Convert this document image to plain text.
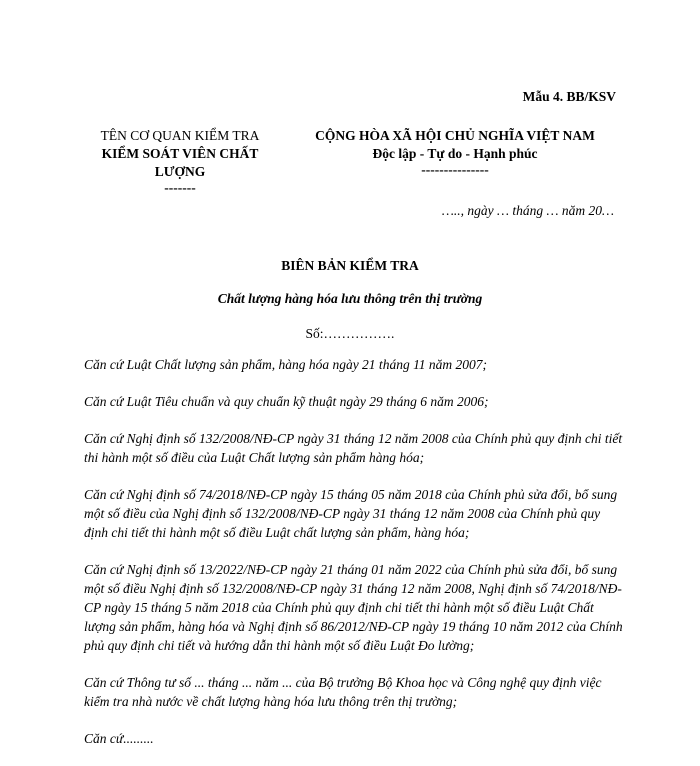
Mẫu 4. BB/KSV
TÊN CƠ QUAN KIỂM TRA
KIỂM SOÁT VIÊN CHẤT LƯỢNG
-------
CỘNG HÒA XÃ HỘI CHỦ NGHĨA VIỆT NAM
Độc lập - Tự do - Hạnh phúc
---------------
….., ngày … tháng … năm 20…
BIÊN BẢN KIỂM TRA
Chất lượng hàng hóa lưu thông trên thị trường
Số:…………….

Căn cứ Luật Chất lượng sản phẩm, hàng hóa ngày 21 tháng 11 năm 2007;

Căn cứ Luật Tiêu chuẩn và quy chuẩn kỹ thuật ngày 29 tháng 6 năm 2006;

Căn cứ Nghị định số 132/2008/NĐ-CP ngày 31 tháng 12 năm 2008 của Chính phủ quy định chi tiết thi hành một số điều của Luật Chất lượng sản phẩm hàng hóa;

Căn cứ Nghị định số 74/2018/NĐ-CP ngày 15 tháng 05 năm 2018 của Chính phủ sửa đổi, bổ sung một số điều của Nghị định số 132/2008/NĐ-CP ngày 31 tháng 12 năm 2008 của Chính phủ quy định chi tiết thi hành một số điều Luật chất lượng sản phẩm, hàng hóa;

Căn cứ Nghị định số 13/2022/NĐ-CP ngày 21 tháng 01 năm 2022 của Chính phủ sửa đổi, bổ sung một số điều Nghị định số 132/2008/NĐ-CP ngày 31 tháng 12 năm 2008, Nghị định số 74/2018/NĐ-CP ngày 15 tháng 5 năm 2018 của Chính phủ quy định chi tiết thi hành một số điều Luật Chất lượng sản phẩm, hàng hóa và Nghị định số 86/2012/NĐ-CP ngày 19 tháng 10 năm 2012 của Chính phủ quy định chi tiết và hướng dẫn thi hành một số điều Luật Đo lường;

Căn cứ Thông tư số ... tháng ... năm ... của Bộ trưởng Bộ Khoa học và Công nghệ quy định việc kiểm tra nhà nước về chất lượng hàng hóa lưu thông trên thị trường;

Căn cứ.........
